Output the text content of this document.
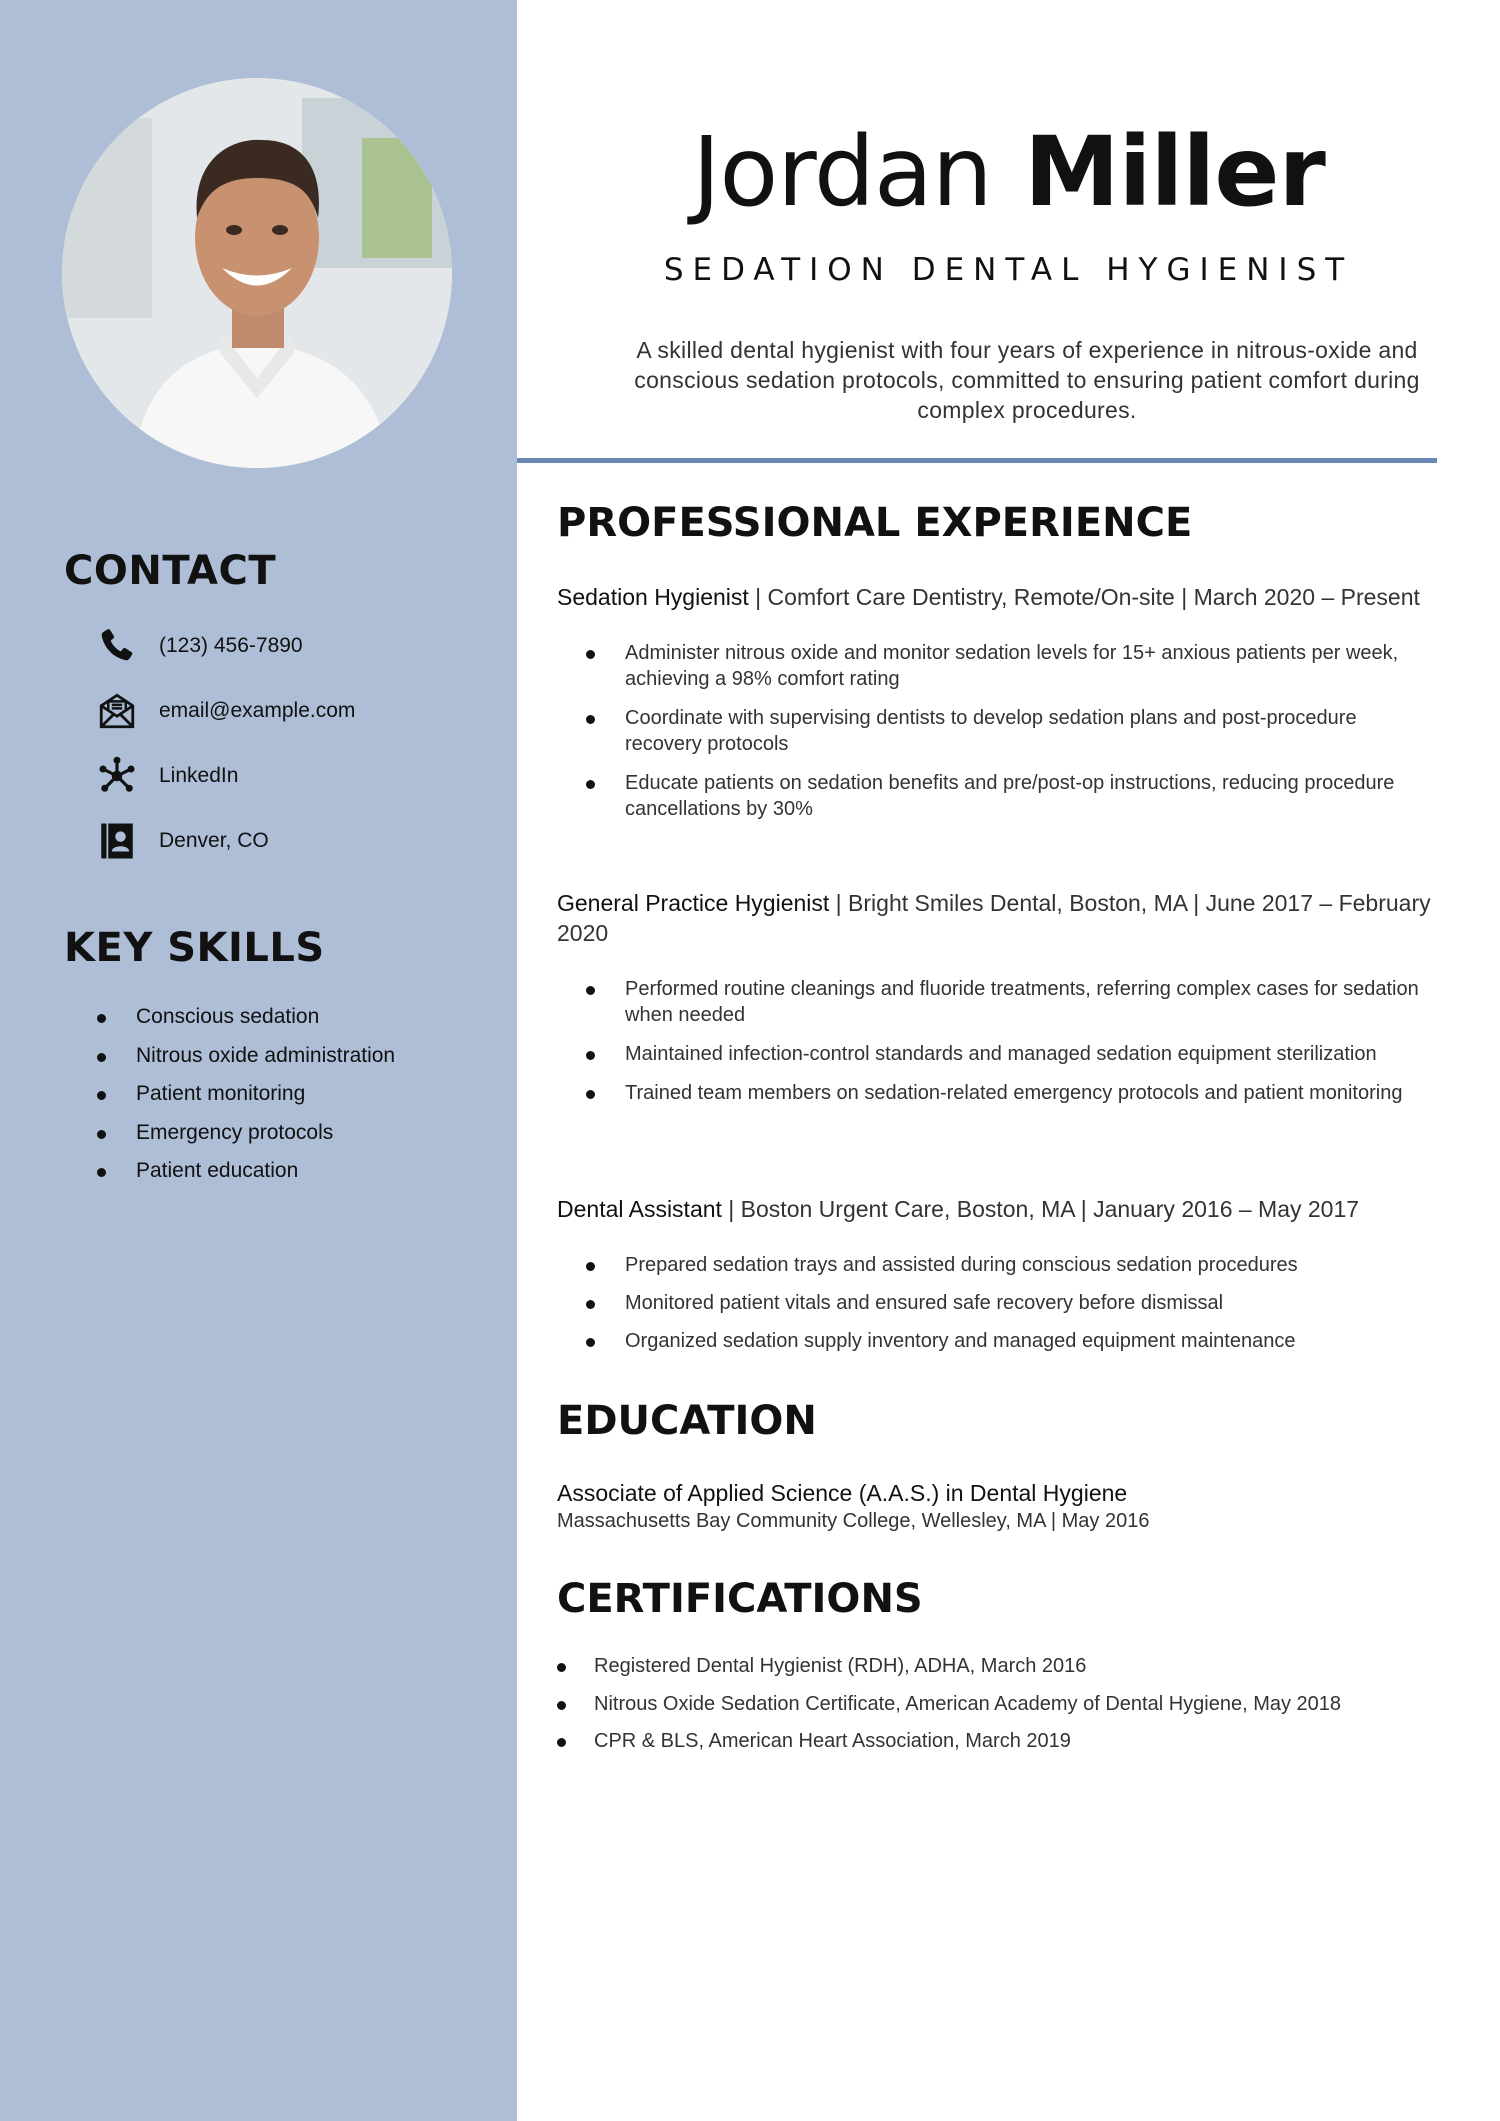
CONTACT
(123) 456-7890
email@example.com
LinkedIn
Denver, CO
KEY SKILLS
Conscious sedation
Nitrous oxide administration
Patient monitoring
Emergency protocols
Patient education
Jordan Miller
SEDATION DENTAL HYGIENIST

A skilled dental hygienist with four years of experience in nitrous-oxide and conscious sedation protocols, committed to ensuring patient comfort during complex procedures.

PROFESSIONAL EXPERIENCE

Sedation Hygienist | Comfort Care Dentistry, Remote/On-site | March 2020 – Present

Administer nitrous oxide and monitor sedation levels for 15+ anxious patients per week, achieving a 98% comfort rating
Coordinate with supervising dentists to develop sedation plans and post-procedure recovery protocols
Educate patients on sedation benefits and pre/post-op instructions, reducing procedure cancellations by 30%

General Practice Hygienist | Bright Smiles Dental, Boston, MA | June 2017 – February 2020

Performed routine cleanings and fluoride treatments, referring complex cases for sedation when needed
Maintained infection-control standards and managed sedation equipment sterilization
Trained team members on sedation-related emergency protocols and patient monitoring

Dental Assistant | Boston Urgent Care, Boston, MA | January 2016 – May 2017

Prepared sedation trays and assisted during conscious sedation procedures
Monitored patient vitals and ensured safe recovery before dismissal
Organized sedation supply inventory and managed equipment maintenance
EDUCATION

Associate of Applied Science (A.A.S.) in Dental Hygiene

Massachusetts Bay Community College, Wellesley, MA | May 2016

CERTIFICATIONS
Registered Dental Hygienist (RDH), ADHA, March 2016
Nitrous Oxide Sedation Certificate, American Academy of Dental Hygiene, May 2018
CPR & BLS, American Heart Association, March 2019
